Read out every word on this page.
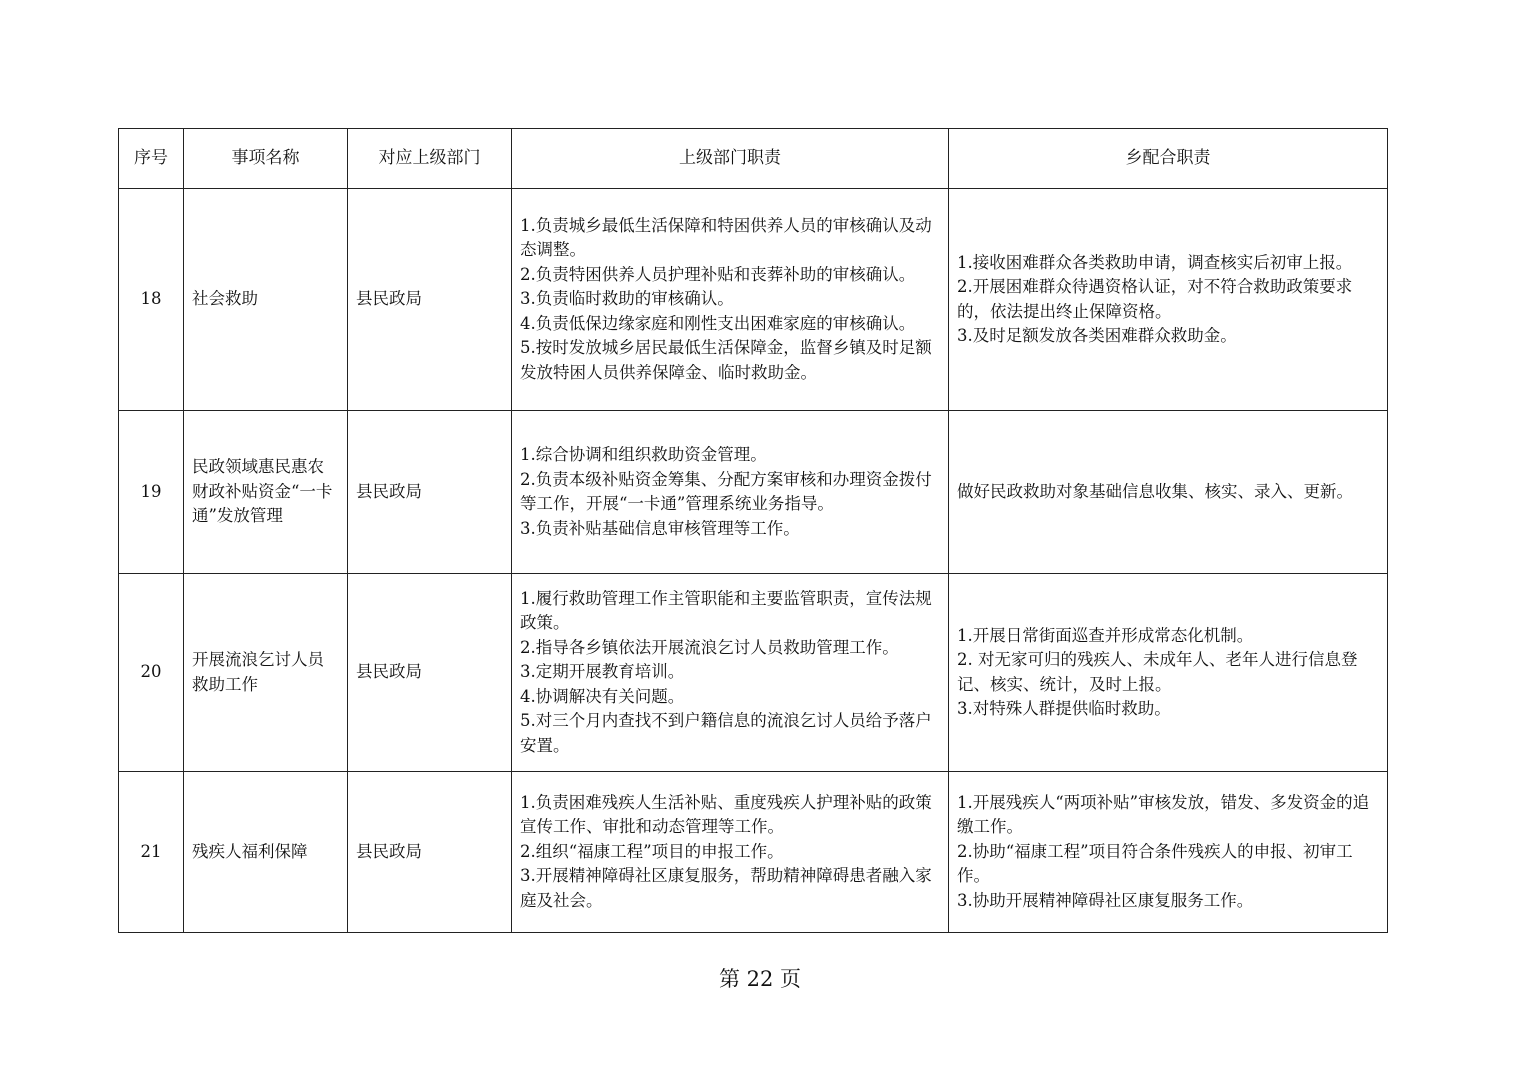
序号	事项名称	对应上级部门	上级部门职责	乡配合职责
18	社会救助	县民政局	1.负责城乡最低生活保障和特困供养人员的审核确认及动态调整。
2.负责特困供养人员护理补贴和丧葬补助的审核确认。
3.负责临时救助的审核确认。
4.负责低保边缘家庭和刚性支出困难家庭的审核确认。
5.按时发放城乡居民最低生活保障金，监督乡镇及时足额发放特困人员供养保障金、临时救助金。	1.接收困难群众各类救助申请，调查核实后初审上报。
2.开展困难群众待遇资格认证，对不符合救助政策要求的，依法提出终止保障资格。
3.及时足额发放各类困难群众救助金。

19	民政领域惠民惠农财政补贴资金“一卡通”发放管理	县民政局	1.综合协调和组织救助资金管理。
2.负责本级补贴资金筹集、分配方案审核和办理资金拨付等工作，开展“一卡通”管理系统业务指导。
3.负责补贴基础信息审核管理等工作。	做好民政救助对象基础信息收集、核实、录入、更新。

20	开展流浪乞讨人员救助工作	县民政局	1.履行救助管理工作主管职能和主要监管职责，宣传法规政策。
2.指导各乡镇依法开展流浪乞讨人员救助管理工作。
3.定期开展教育培训。
4.协调解决有关问题。
5.对三个月内查找不到户籍信息的流浪乞讨人员给予落户安置。	1.开展日常街面巡查并形成常态化机制。
2. 对无家可归的残疾人、未成年人、老年人进行信息登记、核实、统计，及时上报。
3.对特殊人群提供临时救助。

21	残疾人福利保障	县民政局	1.负责困难残疾人生活补贴、重度残疾人护理补贴的政策宣传工作、审批和动态管理等工作。
2.组织“福康工程”项目的申报工作。
3.开展精神障碍社区康复服务，帮助精神障碍患者融入家庭及社会。	1.开展残疾人“两项补贴”审核发放，错发、多发资金的追缴工作。
2.协助“福康工程”项目符合条件残疾人的申报、初审工作。
3.协助开展精神障碍社区康复服务工作。
第 22 页
